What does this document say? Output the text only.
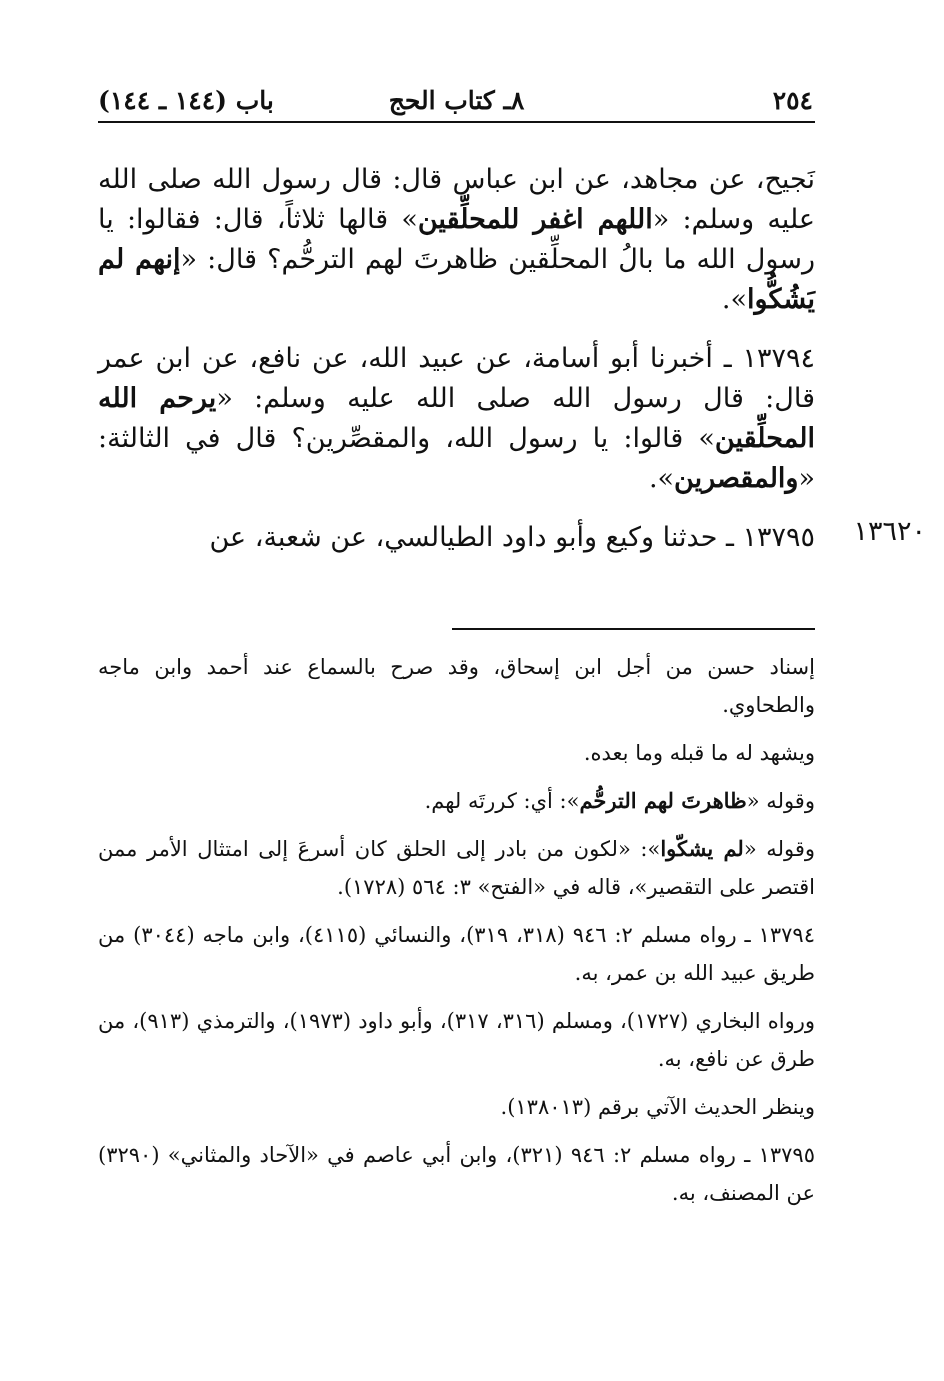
٢٥٤
٨ـ كتاب الحج
باب (١٤٤ ـ ١٤٤)

نَجيح، عن مجاهد، عن ابن عباس قال: قال رسول الله صلى الله عليه وسلم: «اللهم اغفر للمحلِّقين» قالها ثلاثاً، قال: فقالوا: يا رسول الله ما بالُ المحلِّقين ظاهرتَ لهم الترحُّم؟ قال: «إنهم لم يَشُكُّوا».

١٣٧٩٤ ـ أخبرنا أبو أسامة، عن عبيد الله، عن نافع، عن ابن عمر قال: قال رسول الله صلى الله عليه وسلم: «يرحم الله المحلِّقين» قالوا: يا رسول الله، والمقصِّرين؟ قال في الثالثة: «والمقصرين».

١٣٧٩٥ ـ حدثنا وكيع وأبو داود الطيالسي، عن شعبة، عن ١٣٦٢٠

إسناد حسن من أجل ابن إسحاق، وقد صرح بالسماع عند أحمد وابن ماجه والطحاوي.

ويشهد له ما قبله وما بعده.

وقوله «ظاهرتَ لهم الترحُّم»: أي: كررتَه لهم.

وقوله «لم يشكّوا»: «لكون من بادر إلى الحلق كان أسرعَ إلى امتثال الأمر ممن اقتصر على التقصير»، قاله في «الفتح» ٣: ٥٦٤ (١٧٢٨).

١٣٧٩٤ ـ رواه مسلم ٢: ٩٤٦ (٣١٨، ٣١٩)، والنسائي (٤١١٥)، وابن ماجه (٣٠٤٤) من طريق عبيد الله بن عمر، به.

ورواه البخاري (١٧٢٧)، ومسلم (٣١٦، ٣١٧)، وأبو داود (١٩٧٣)، والترمذي (٩١٣)، من طرق عن نافع، به.

وينظر الحديث الآتي برقم (١٣٨٠١٣).

١٣٧٩٥ ـ رواه مسلم ٢: ٩٤٦ (٣٢١)، وابن أبي عاصم في «الآحاد والمثاني» (٣٢٩٠) عن المصنف، به.
